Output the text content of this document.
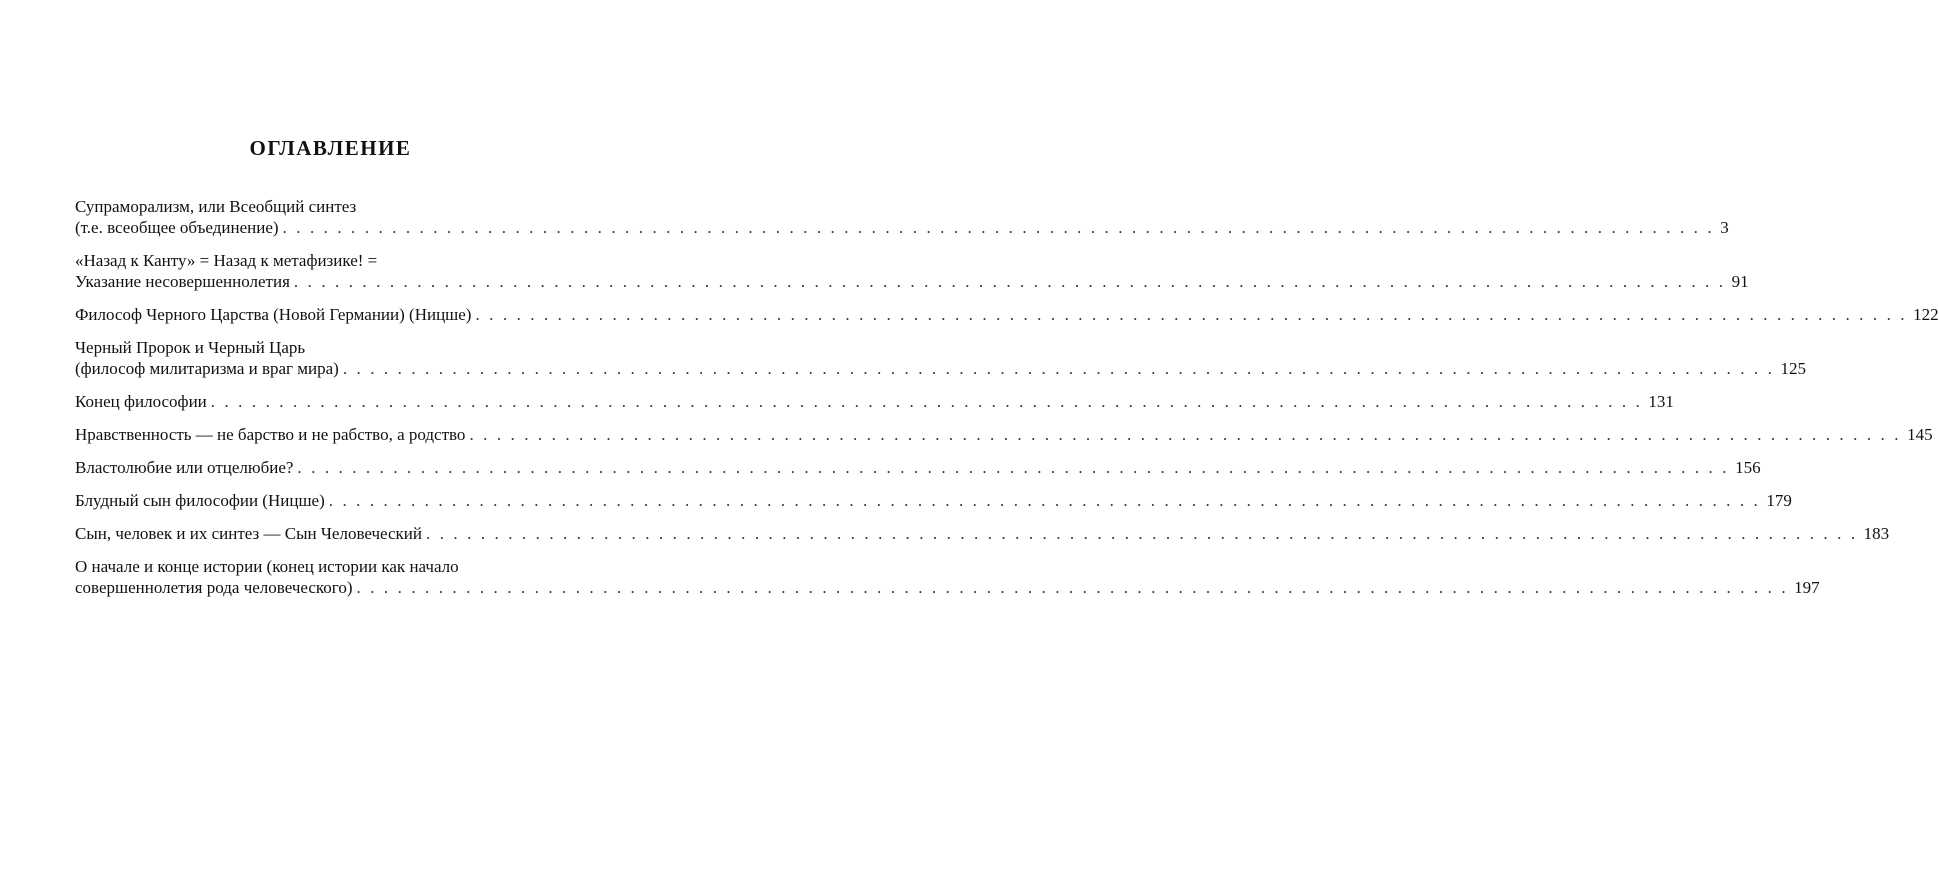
ОГЛАВЛЕНИЕ
Супраморализм, или Всеобщий синтез
(т.е. всеобщее объединение) . . . . . . . . . . . . . . . . . . . . . . . . . . . . . . . . . . . . . . . . . . . . . . . . . . . . . . . . . . . . . . . . . . . . . . . . . . . . . . . . . . . . . . . . . . . . . . . . . . . . . . . . . 3
«Назад к Канту» = Назад к метафизике! =
Указание несовершеннолетия . . . . . . . . . . . . . . . . . . . . . . . . . . . . . . . . . . . . . . . . . . . . . . . . . . . . . . . . . . . . . . . . . . . . . . . . . . . . . . . . . . . . . . . . . . . . . . . . . . . . . . . . . 91
Философ Черного Царства (Новой Германии) (Ницше) . . . . . . . . . . . . . . . . . . . . . . . . . . . . . . . . . . . . . . . . . . . . . . . . . . . . . . . . . . . . . . . . . . . . . . . . . . . . . . . . . . . . . . . . . . . . . . . . . . . . . . . . . 122
Черный Пророк и Черный Царь
(философ милитаризма и враг мира) . . . . . . . . . . . . . . . . . . . . . . . . . . . . . . . . . . . . . . . . . . . . . . . . . . . . . . . . . . . . . . . . . . . . . . . . . . . . . . . . . . . . . . . . . . . . . . . . . . . . . . . . . 125
Конец философии . . . . . . . . . . . . . . . . . . . . . . . . . . . . . . . . . . . . . . . . . . . . . . . . . . . . . . . . . . . . . . . . . . . . . . . . . . . . . . . . . . . . . . . . . . . . . . . . . . . . . . . . . 131
Нравственность — не барство и не рабство, а родство . . . . . . . . . . . . . . . . . . . . . . . . . . . . . . . . . . . . . . . . . . . . . . . . . . . . . . . . . . . . . . . . . . . . . . . . . . . . . . . . . . . . . . . . . . . . . . . . . . . . . . . . . 145
Властолюбие или отцелюбие? . . . . . . . . . . . . . . . . . . . . . . . . . . . . . . . . . . . . . . . . . . . . . . . . . . . . . . . . . . . . . . . . . . . . . . . . . . . . . . . . . . . . . . . . . . . . . . . . . . . . . . . . . 156
Блудный сын философии (Ницше) . . . . . . . . . . . . . . . . . . . . . . . . . . . . . . . . . . . . . . . . . . . . . . . . . . . . . . . . . . . . . . . . . . . . . . . . . . . . . . . . . . . . . . . . . . . . . . . . . . . . . . . . . 179
Сын, человек и их синтез — Сын Человеческий . . . . . . . . . . . . . . . . . . . . . . . . . . . . . . . . . . . . . . . . . . . . . . . . . . . . . . . . . . . . . . . . . . . . . . . . . . . . . . . . . . . . . . . . . . . . . . . . . . . . . . . . . 183
О начале и конце истории (конец истории как начало
совершеннолетия рода человеческого) . . . . . . . . . . . . . . . . . . . . . . . . . . . . . . . . . . . . . . . . . . . . . . . . . . . . . . . . . . . . . . . . . . . . . . . . . . . . . . . . . . . . . . . . . . . . . . . . . . . . . . . . . 197
